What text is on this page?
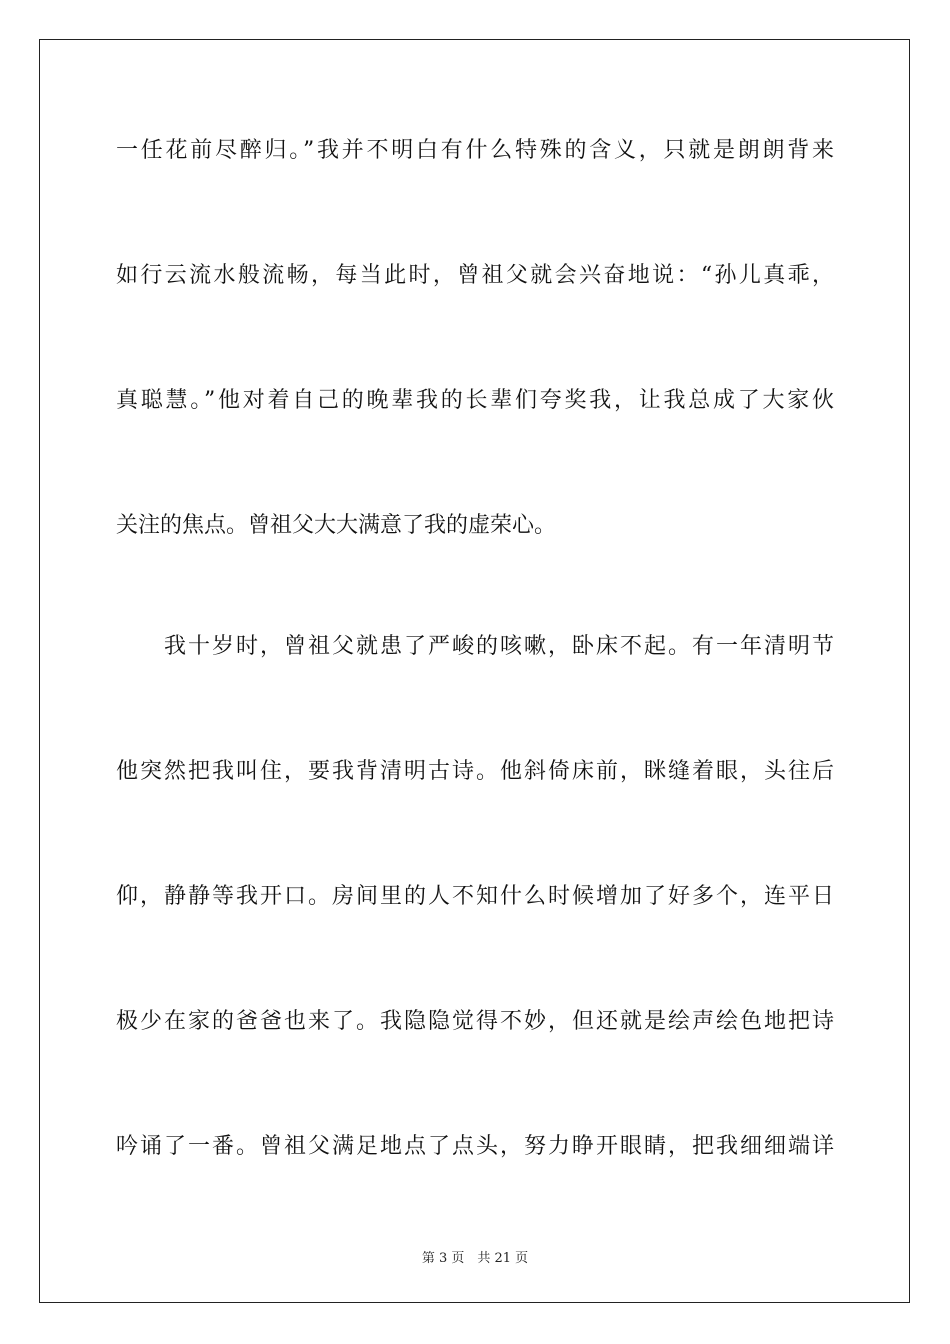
一任花前尽醉归。”我并不明白有什么特殊的含义，只就是朗朗背来
如行云流水般流畅，每当此时，曾祖父就会兴奋地说：“孙儿真乖，
真聪慧。”他对着自己的晚辈我的长辈们夸奖我，让我总成了大家伙
关注的焦点。曾祖父大大满意了我的虚荣心。
我十岁时，曾祖父就患了严峻的咳嗽，卧床不起。有一年清明节
他突然把我叫住，要我背清明古诗。他斜倚床前，眯缝着眼，头往后
仰，静静等我开口。房间里的人不知什么时候增加了好多个，连平日
极少在家的爸爸也来了。我隐隐觉得不妙，但还就是绘声绘色地把诗
吟诵了一番。曾祖父满足地点了点头，努力睁开眼睛，把我细细端详
第 3 页　共 21 页
